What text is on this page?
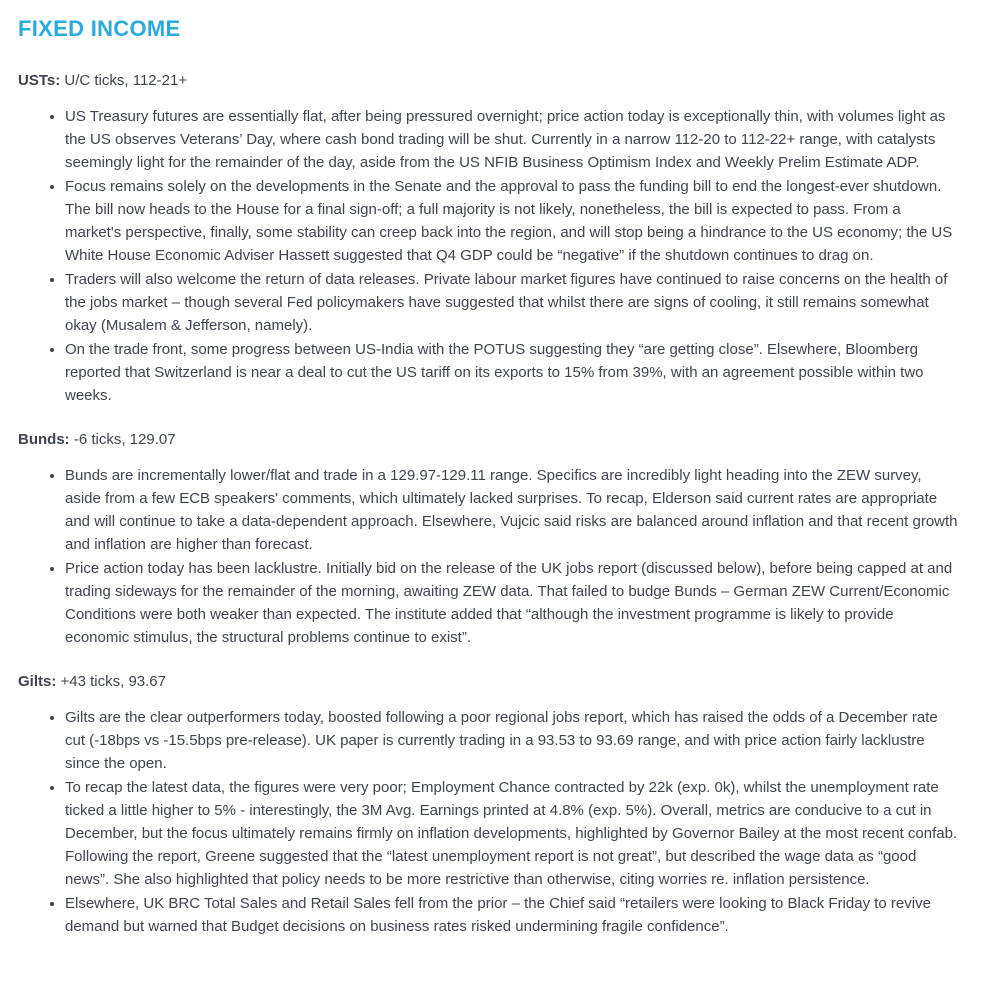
FIXED INCOME

USTs: U/C ticks, 112-21+

• US Treasury futures are essentially flat, after being pressured overnight; price action today is exceptionally thin, with volumes light as the US observes Veterans’ Day, where cash bond trading will be shut. Currently in a narrow 112-20 to 112-22+ range, with catalysts seemingly light for the remainder of the day, aside from the US NFIB Business Optimism Index and Weekly Prelim Estimate ADP.
• Focus remains solely on the developments in the Senate and the approval to pass the funding bill to end the longest-ever shutdown. The bill now heads to the House for a final sign-off; a full majority is not likely, nonetheless, the bill is expected to pass. From a market's perspective, finally, some stability can creep back into the region, and will stop being a hindrance to the US economy; the US White House Economic Adviser Hassett suggested that Q4 GDP could be “negative” if the shutdown continues to drag on.
• Traders will also welcome the return of data releases. Private labour market figures have continued to raise concerns on the health of the jobs market – though several Fed policymakers have suggested that whilst there are signs of cooling, it still remains somewhat okay (Musalem & Jefferson, namely).
• On the trade front, some progress between US-India with the POTUS suggesting they “are getting close”. Elsewhere, Bloomberg reported that Switzerland is near a deal to cut the US tariff on its exports to 15% from 39%, with an agreement possible within two weeks.

Bunds: -6 ticks, 129.07

• Bunds are incrementally lower/flat and trade in a 129.97-129.11 range. Specifics are incredibly light heading into the ZEW survey, aside from a few ECB speakers' comments, which ultimately lacked surprises. To recap, Elderson said current rates are appropriate and will continue to take a data-dependent approach. Elsewhere, Vujcic said risks are balanced around inflation and that recent growth and inflation are higher than forecast.
• Price action today has been lacklustre. Initially bid on the release of the UK jobs report (discussed below), before being capped at and trading sideways for the remainder of the morning, awaiting ZEW data. That failed to budge Bunds – German ZEW Current/Economic Conditions were both weaker than expected. The institute added that “although the investment programme is likely to provide economic stimulus, the structural problems continue to exist”.

Gilts: +43 ticks, 93.67

• Gilts are the clear outperformers today, boosted following a poor regional jobs report, which has raised the odds of a December rate cut (-18bps vs -15.5bps pre-release). UK paper is currently trading in a 93.53 to 93.69 range, and with price action fairly lacklustre since the open.
• To recap the latest data, the figures were very poor; Employment Chance contracted by 22k (exp. 0k), whilst the unemployment rate ticked a little higher to 5% - interestingly, the 3M Avg. Earnings printed at 4.8% (exp. 5%). Overall, metrics are conducive to a cut in December, but the focus ultimately remains firmly on inflation developments, highlighted by Governor Bailey at the most recent confab. Following the report, Greene suggested that the “latest unemployment report is not great”, but described the wage data as “good news”. She also highlighted that policy needs to be more restrictive than otherwise, citing worries re. inflation persistence.
• Elsewhere, UK BRC Total Sales and Retail Sales fell from the prior – the Chief said “retailers were looking to Black Friday to revive demand but warned that Budget decisions on business rates risked undermining fragile confidence”.
